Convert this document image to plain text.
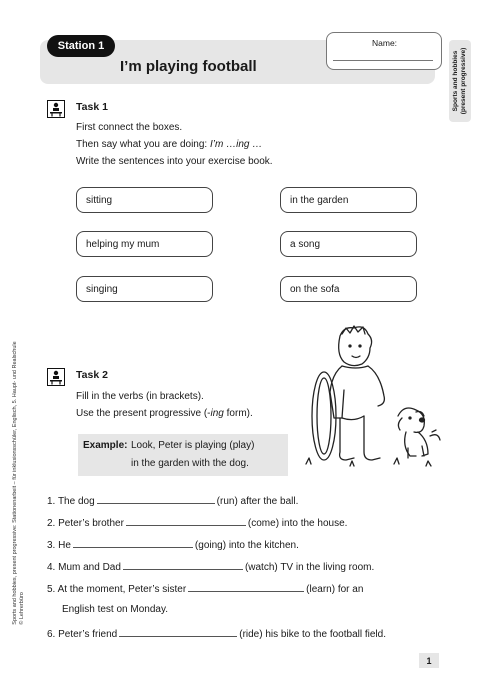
Station 1
I’m playing football
Name:
Sports and hobbies
(present progressive)
Sports and hobbies, present progressive: Stationenarbeit – für inklusionsschüler, Englisch, 5. Haupt- und Realschule
© Lehrerbüro
Task 1
First connect the boxes.
Then say what you are doing: I’m …ing …
Write the sentences into your exercise book.
sitting
helping my mum
singing
in the garden
a song
on the sofa
Task 2
Fill in the verbs (in brackets).
Use the present progressive (-ing form).
Example: Look, Peter is playing (play)
in the garden with the dog.
1. The dog	(run) after the ball.
2. Peter’s brother	(come) into the house.
3. He	(going) into the kitchen.
4. Mum and Dad	(watch) TV in the living room.
5. At the moment, Peter’s sister	(learn) for an
English test on Monday.
6. Peter’s friend	(ride) his bike to the football field.
1
